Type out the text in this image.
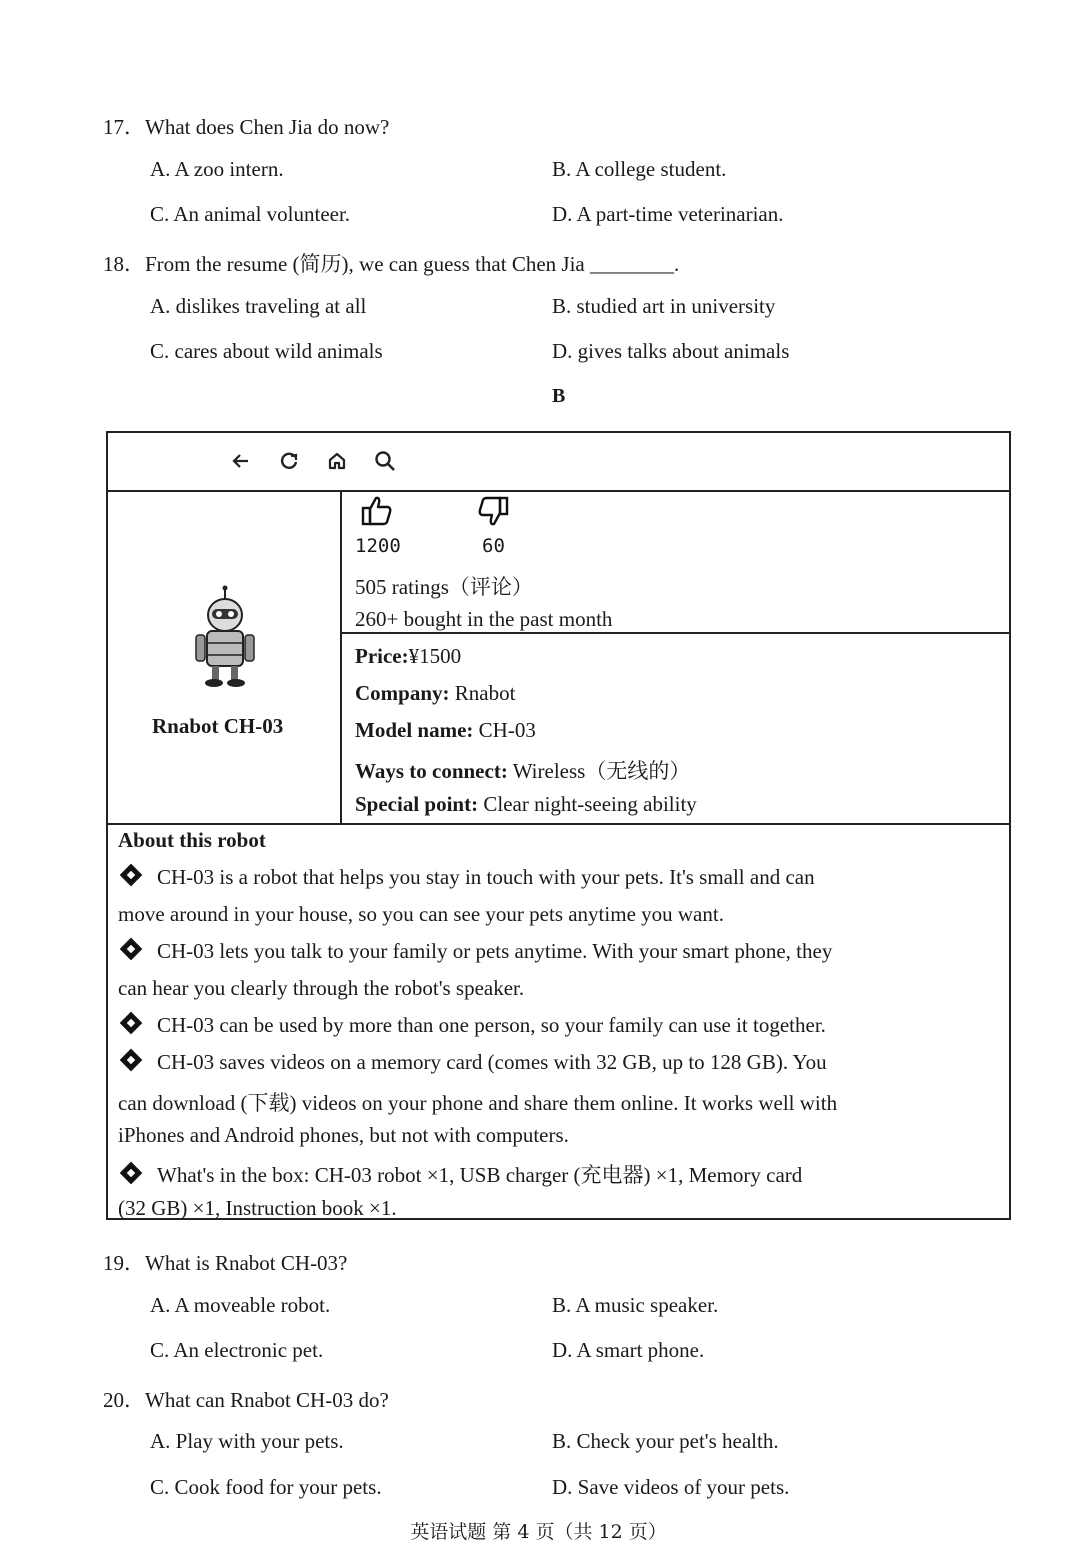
17．What does Chen Jia do now?
A. A zoo intern.	B. A college student.
C. An animal volunteer.	D. A part-time veterinarian.
18．From the resume (简历), we can guess that Chen Jia ________.
A. dislikes traveling at all	B. studied art in university
C. cares about wild animals	D. gives talks about animals
B
Rnabot CH-03
1200	60
505 ratings（评论）
260+ bought in the past month
Price:¥1500
Company: Rnabot
Model name: CH-03
Ways to connect: Wireless（无线的）
Special point: Clear night-seeing ability
About this robot
CH-03 is a robot that helps you stay in touch with your pets. It's small and can
move around in your house, so you can see your pets anytime you want.
CH-03 lets you talk to your family or pets anytime. With your smart phone, they
can hear you clearly through the robot's speaker.
CH-03 can be used by more than one person, so your family can use it together.
CH-03 saves videos on a memory card (comes with 32 GB, up to 128 GB). You
can download (下载) videos on your phone and share them online. It works well with
iPhones and Android phones, but not with computers.
What's in the box: CH-03 robot ×1, USB charger (充电器) ×1, Memory card
(32 GB) ×1, Instruction book ×1.
19．What is Rnabot CH-03?
A. A moveable robot.	B. A music speaker.
C. An electronic pet.	D. A smart phone.
20．What can Rnabot CH-03 do?
A. Play with your pets.	B. Check your pet's health.
C. Cook food for your pets.	D. Save videos of your pets.
英语试题 第 4 页（共 12 页）
